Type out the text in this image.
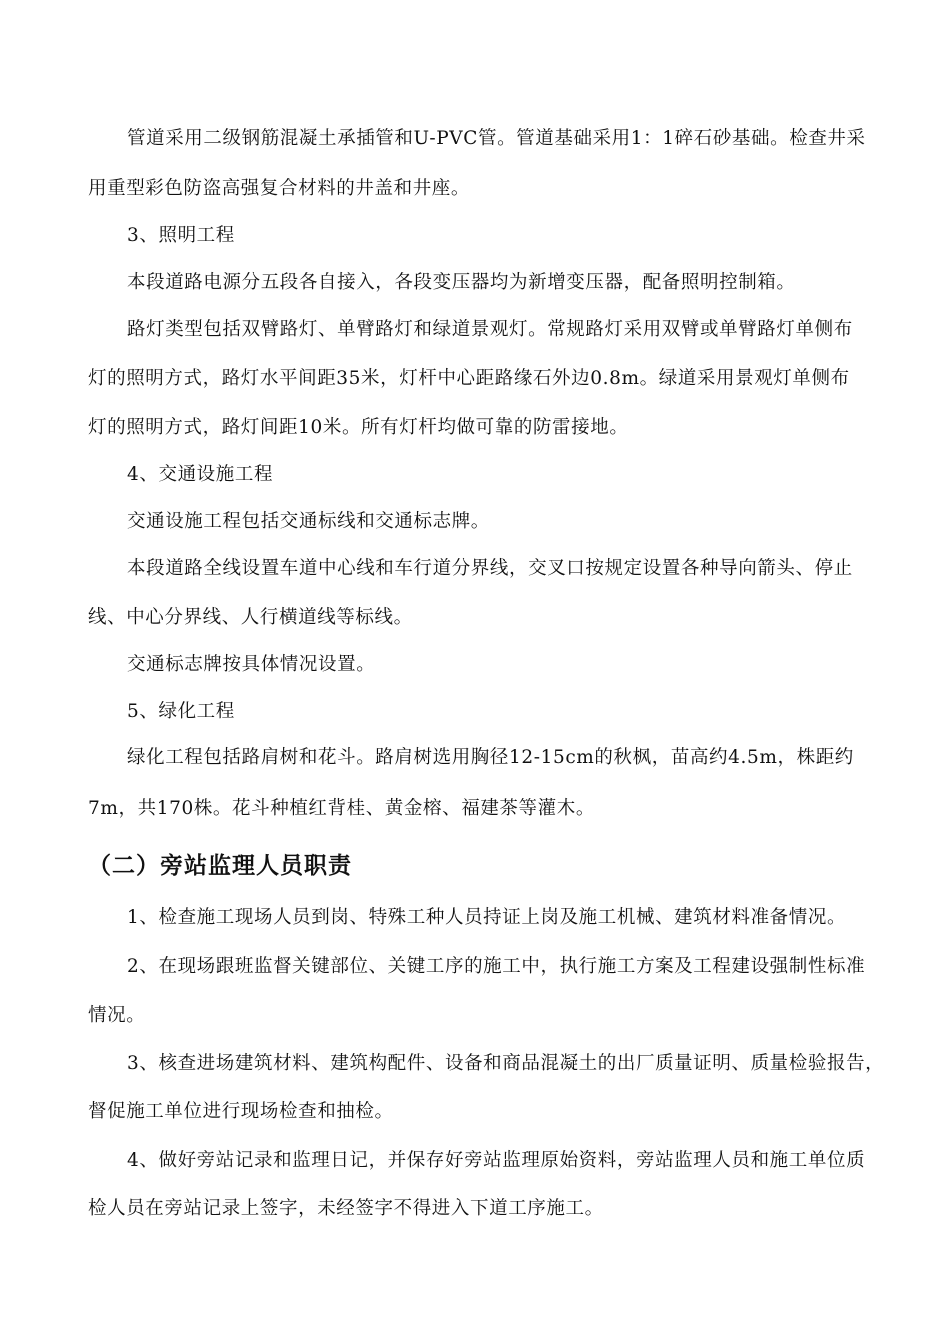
管道采用二级钢筋混凝土承插管和U-PVC管。管道基础采用1：1碎石砂基础。检查井采
用重型彩色防盗高强复合材料的井盖和井座。
3、照明工程
本段道路电源分五段各自接入，各段变压器均为新增变压器，配备照明控制箱。
路灯类型包括双臂路灯、单臂路灯和绿道景观灯。常规路灯采用双臂或单臂路灯单侧布
灯的照明方式，路灯水平间距35米，灯杆中心距路缘石外边0.8m。绿道采用景观灯单侧布
灯的照明方式，路灯间距10米。所有灯杆均做可靠的防雷接地。
4、交通设施工程
交通设施工程包括交通标线和交通标志牌。
本段道路全线设置车道中心线和车行道分界线，交叉口按规定设置各种导向箭头、停止
线、中心分界线、人行横道线等标线。
交通标志牌按具体情况设置。
5、绿化工程
绿化工程包括路肩树和花斗。路肩树选用胸径12-15cm的秋枫，苗高约4.5m，株距约
7m，共170株。花斗种植红背桂、黄金榕、福建茶等灌木。
（二）旁站监理人员职责
1、检查施工现场人员到岗、特殊工种人员持证上岗及施工机械、建筑材料准备情况。
2、在现场跟班监督关键部位、关键工序的施工中，执行施工方案及工程建设强制性标准
情况。
3、核查进场建筑材料、建筑构配件、设备和商品混凝土的出厂质量证明、质量检验报告，
督促施工单位进行现场检查和抽检。
4、做好旁站记录和监理日记，并保存好旁站监理原始资料，旁站监理人员和施工单位质
检人员在旁站记录上签字，未经签字不得进入下道工序施工。
